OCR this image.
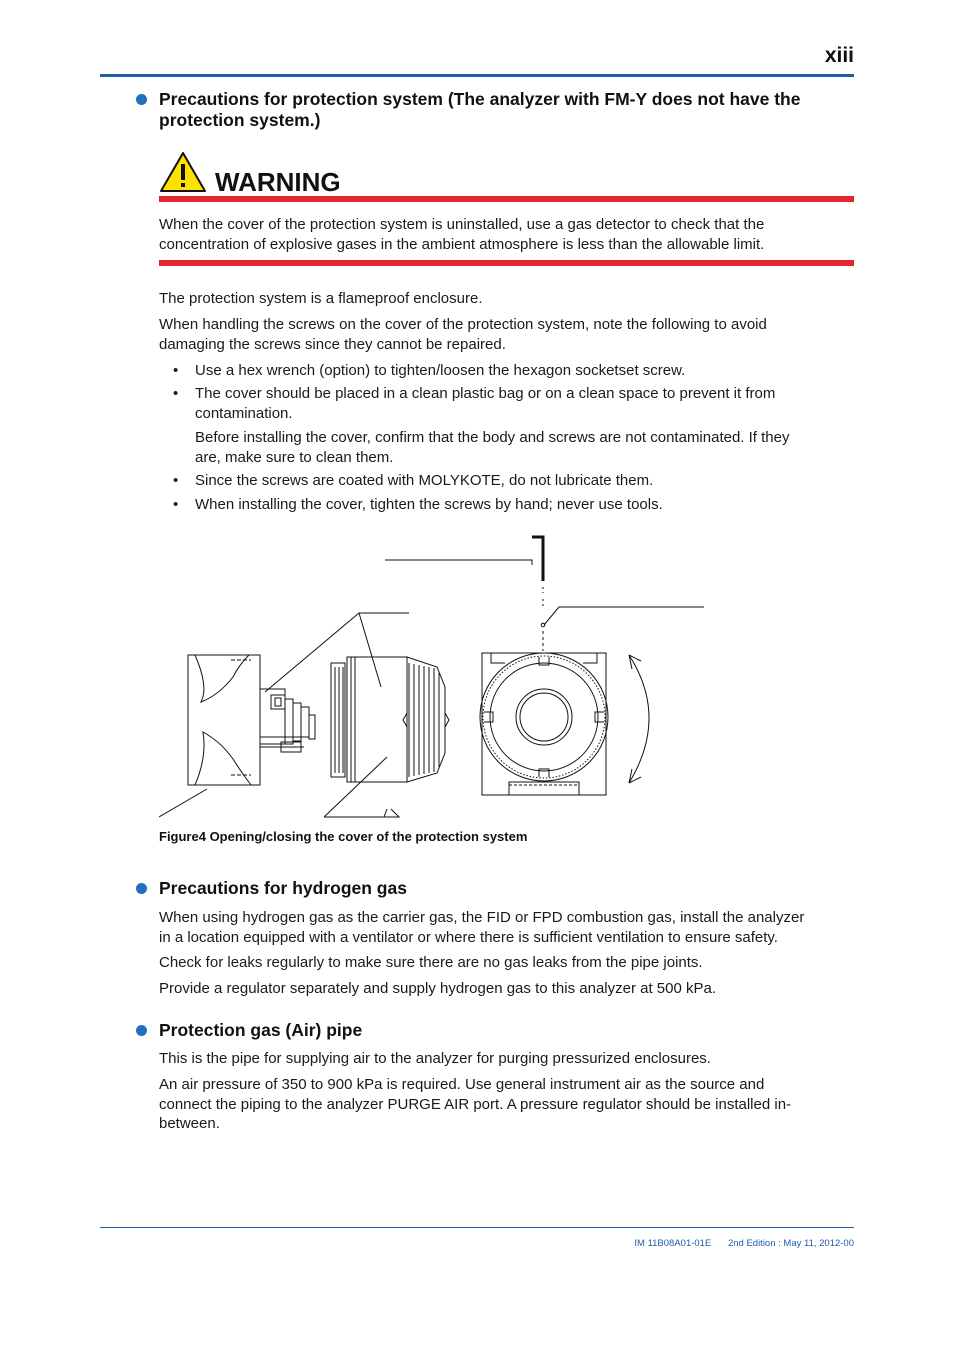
xiii
Precautions for protection system (The analyzer with FM-Y does not have the
protection system.)
WARNING
When the cover of the protection system is uninstalled, use a gas detector to check that the concentration of explosive gases in the ambient atmosphere is less than the allowable limit.
The protection system is a flameproof enclosure.
When handling the screws on the cover of the protection system, note the following to avoid
damaging the screws since they cannot be repaired.
• Use a hex wrench (option) to tighten/loosen the hexagon socketset screw.
• The cover should be placed in a clean plastic bag or on a clean space to prevent it from
contamination.
Before installing the cover, confirm that the body and screws are not contaminated. If they
are, make sure to clean them.
• Since the screws are coated with MOLYKOTE, do not lubricate them.
• When installing the cover, tighten the screws by hand; never use tools.
Figure4 Opening/closing the cover of the protection system
Precautions for hydrogen gas
When using hydrogen gas as the carrier gas, the FID or FPD combustion gas, install the analyzer
in a location equipped with a ventilator or where there is sufficient ventilation to ensure safety.
Check for leaks regularly to make sure there are no gas leaks from the pipe joints.
Provide a regulator separately and supply hydrogen gas to this analyzer at 500 kPa.
Protection gas (Air) pipe
This is the pipe for supplying air to the analyzer for purging pressurized enclosures.
An air pressure of 350 to 900 kPa is required. Use general instrument air as the source and
connect the piping to the analyzer PURGE AIR port. A pressure regulator should be installed in-
between.
IM 11B08A01-01E 2nd Edition : May 11, 2012-00
